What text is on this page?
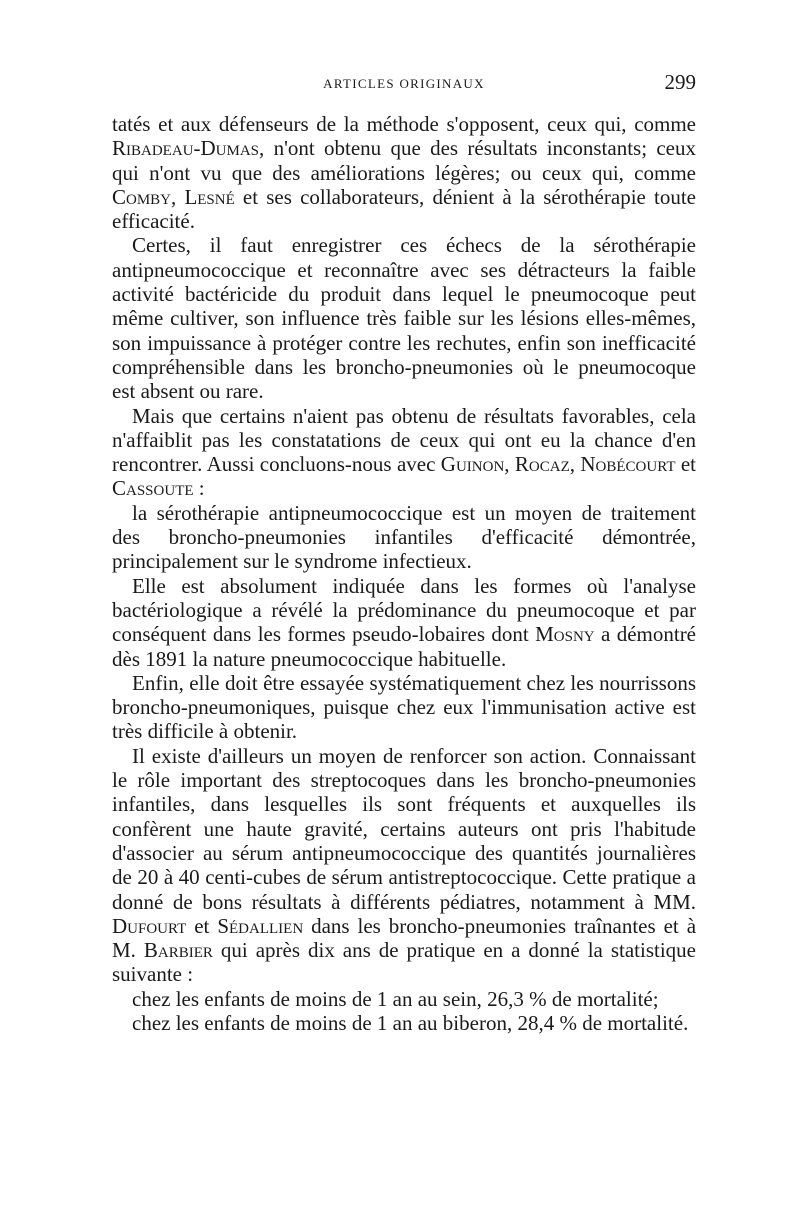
ARTICLES ORIGINAUX	299

tatés et aux défenseurs de la méthode s'opposent, ceux qui, comme Ribadeau-Dumas, n'ont obtenu que des résultats inconstants; ceux qui n'ont vu que des améliorations légères; ou ceux qui, comme Comby, Lesné et ses collaborateurs, dénient à la sérothérapie toute efficacité.

Certes, il faut enregistrer ces échecs de la sérothérapie antipneumococcique et reconnaître avec ses détracteurs la faible activité bactéricide du produit dans lequel le pneumocoque peut même cultiver, son influence très faible sur les lésions elles-mêmes, son impuissance à protéger contre les rechutes, enfin son inefficacité compréhensible dans les broncho-pneumonies où le pneumocoque est absent ou rare.

Mais que certains n'aient pas obtenu de résultats favorables, cela n'affaiblit pas les constatations de ceux qui ont eu la chance d'en rencontrer. Aussi concluons-nous avec Guinon, Rocaz, Nobécourt et Cassoute :

la sérothérapie antipneumococcique est un moyen de traitement des broncho-pneumonies infantiles d'efficacité démontrée, principalement sur le syndrome infectieux.

Elle est absolument indiquée dans les formes où l'analyse bactériologique a révélé la prédominance du pneumocoque et par conséquent dans les formes pseudo-lobaires dont Mosny a démontré dès 1891 la nature pneumococcique habituelle.

Enfin, elle doit être essayée systématiquement chez les nourrissons broncho-pneumoniques, puisque chez eux l'immunisation active est très difficile à obtenir.

Il existe d'ailleurs un moyen de renforcer son action. Connaissant le rôle important des streptocoques dans les broncho-pneumonies infantiles, dans lesquelles ils sont fréquents et auxquelles ils confèrent une haute gravité, certains auteurs ont pris l'habitude d'associer au sérum antipneumococcique des quantités journalières de 20 à 40 centi-cubes de sérum antistreptococcique. Cette pratique a donné de bons résultats à différents pédiatres, notamment à MM. Dufourt et Sédallien dans les broncho-pneumonies traînantes et à M. Barbier qui après dix ans de pratique en a donné la statistique suivante :

chez les enfants de moins de 1 an au sein, 26,3 % de mortalité;

chez les enfants de moins de 1 an au biberon, 28,4 % de mortalité.
